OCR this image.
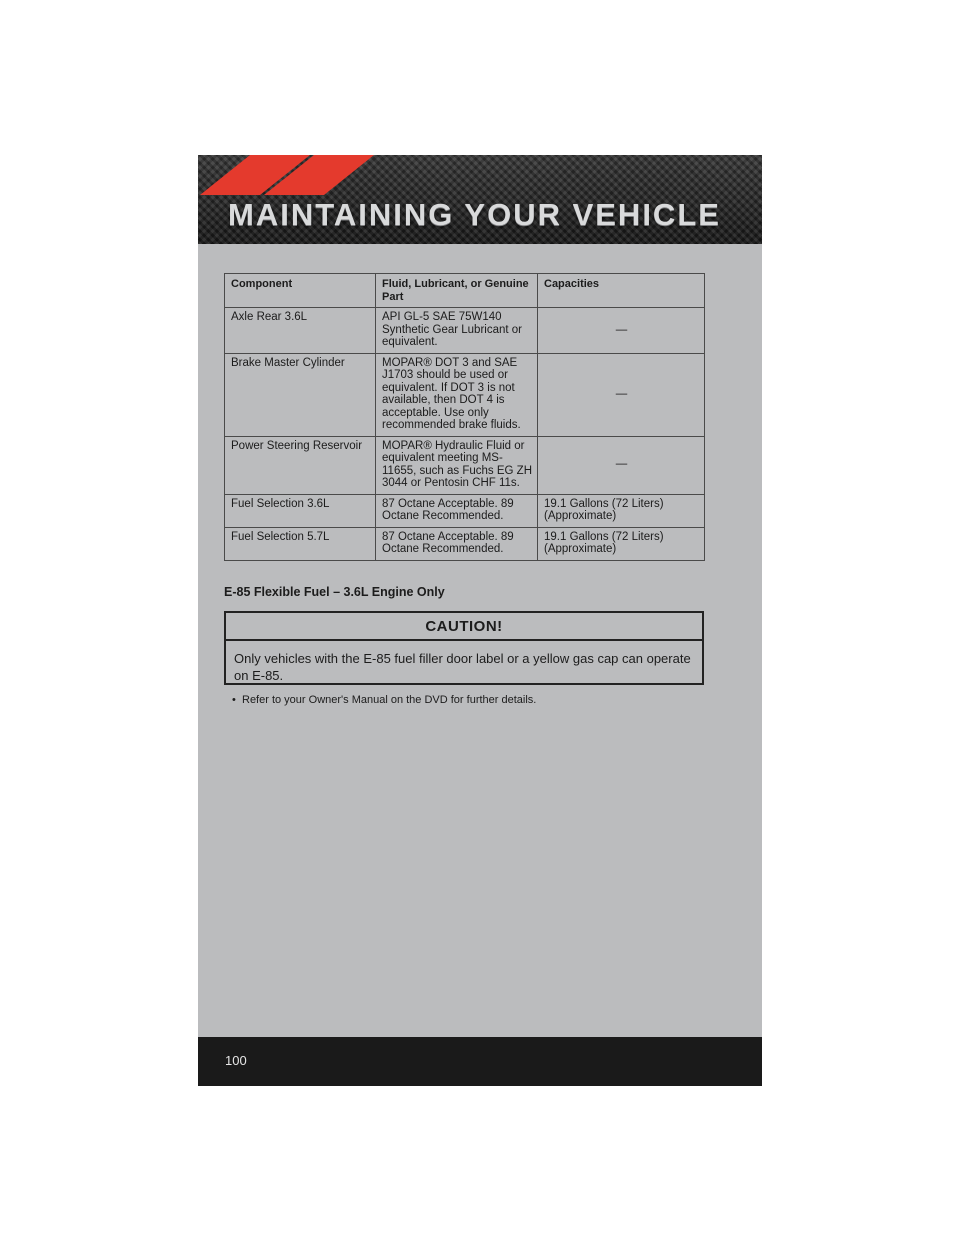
MAINTAINING YOUR VEHICLE
Component	Fluid, Lubricant, or Genuine Part	Capacities
Axle Rear 3.6L	API GL-5 SAE 75W140 Synthetic Gear Lubricant or equivalent.	—
Brake Master Cylinder	MOPAR® DOT 3 and SAE J1703 should be used or equivalent. If DOT 3 is not available, then DOT 4 is acceptable. Use only recommended brake fluids.	—
Power Steering Reservoir	MOPAR® Hydraulic Fluid or equivalent meeting MS-11655, such as Fuchs EG ZH 3044 or Pentosin CHF 11s.	—
Fuel Selection 3.6L	87 Octane Acceptable. 89 Octane Recommended.	19.1 Gallons (72 Liters) (Approximate)
Fuel Selection 5.7L	87 Octane Acceptable. 89 Octane Recommended.	19.1 Gallons (72 Liters) (Approximate)
E-85 Flexible Fuel – 3.6L Engine Only
CAUTION!
Only vehicles with the E-85 fuel filler door label or a yellow gas cap can operate on E-85.
• Refer to your Owner's Manual on the DVD for further details.
100
